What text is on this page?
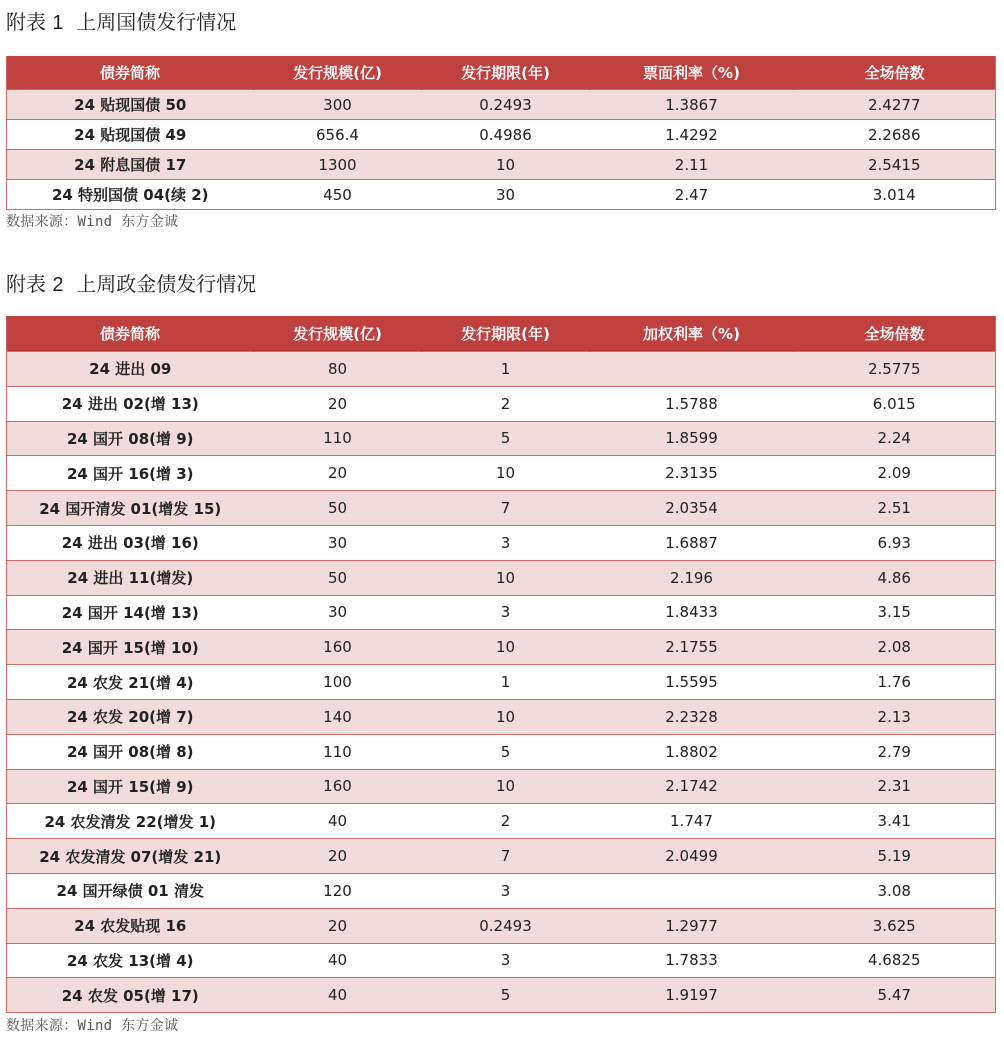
附表 1 上周国债发行情况
债券简称	发行规模(亿)	发行期限(年)	票面利率（%)	全场倍数
24 贴现国债 50	300	0.2493	1.3867	2.4277
24 贴现国债 49	656.4	0.4986	1.4292	2.2686
24 附息国债 17	1300	10	2.11	2.5415
24 特别国债 04(续 2)	450	30	2.47	3.014
数据来源：Wind 东方金诚
附表 2 上周政金债发行情况
债券简称	发行规模(亿)	发行期限(年)	加权利率（%)	全场倍数
24 进出 09	80	1		2.5775
24 进出 02(增 13)	20	2	1.5788	6.015
24 国开 08(增 9)	110	5	1.8599	2.24
24 国开 16(增 3)	20	10	2.3135	2.09
24 国开清发 01(增发 15)	50	7	2.0354	2.51
24 进出 03(增 16)	30	3	1.6887	6.93
24 进出 11(增发)	50	10	2.196	4.86
24 国开 14(增 13)	30	3	1.8433	3.15
24 国开 15(增 10)	160	10	2.1755	2.08
24 农发 21(增 4)	100	1	1.5595	1.76
24 农发 20(增 7)	140	10	2.2328	2.13
24 国开 08(增 8)	110	5	1.8802	2.79
24 国开 15(增 9)	160	10	2.1742	2.31
24 农发清发 22(增发 1)	40	2	1.747	3.41
24 农发清发 07(增发 21)	20	7	2.0499	5.19
24 国开绿债 01 清发	120	3		3.08
24 农发贴现 16	20	0.2493	1.2977	3.625
24 农发 13(增 4)	40	3	1.7833	4.6825
24 农发 05(增 17)	40	5	1.9197	5.47
数据来源：Wind 东方金诚
